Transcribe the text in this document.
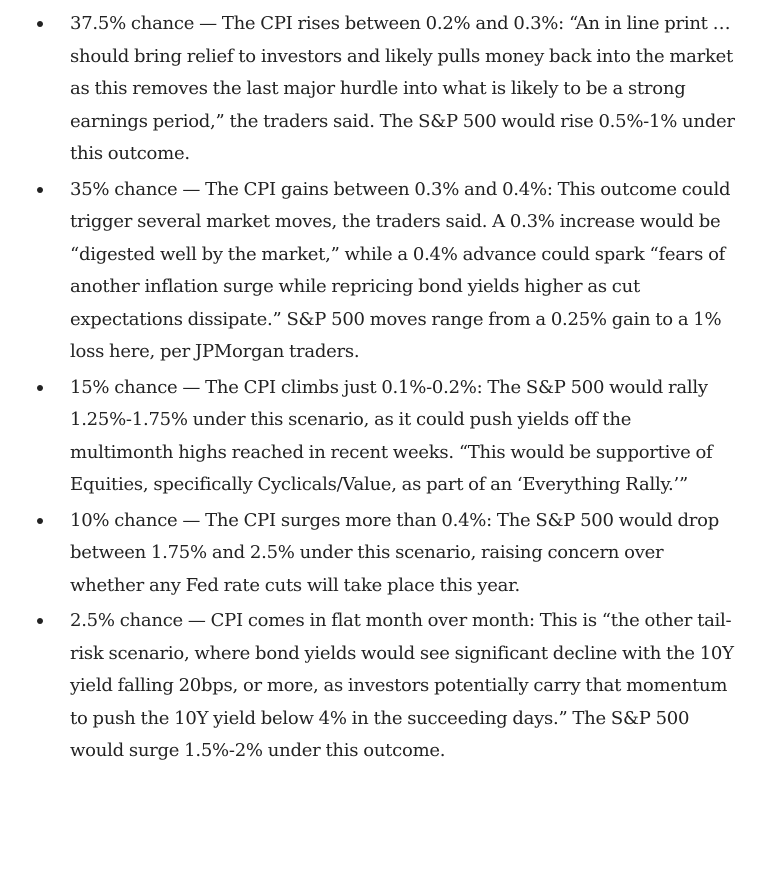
37.5% chance — The CPI rises between 0.2% and 0.3%: “An in line print … should bring relief to investors and likely pulls money back into the market as this removes the last major hurdle into what is likely to be a strong earnings period,” the traders said. The S&P 500 would rise 0.5%-1% under this outcome.
35% chance — The CPI gains between 0.3% and 0.4%: This outcome could trigger several market moves, the traders said. A 0.3% increase would be “digested well by the market,” while a 0.4% advance could spark “fears of another inflation surge while repricing bond yields higher as cut expectations dissipate.” S&P 500 moves range from a 0.25% gain to a 1% loss here, per JPMorgan traders.
15% chance — The CPI climbs just 0.1%-0.2%: The S&P 500 would rally 1.25%-1.75% under this scenario, as it could push yields off the multimonth highs reached in recent weeks. “This would be supportive of Equities, specifically Cyclicals/Value, as part of an ‘Everything Rally.’”
10% chance — The CPI surges more than 0.4%: The S&P 500 would drop between 1.75% and 2.5% under this scenario, raising concern over whether any Fed rate cuts will take place this year.
2.5% chance — CPI comes in flat month over month: This is “the other tail-risk scenario, where bond yields would see significant decline with the 10Y yield falling 20bps, or more, as investors potentially carry that momentum to push the 10Y yield below 4% in the succeeding days.” The S&P 500 would surge 1.5%-2% under this outcome.
